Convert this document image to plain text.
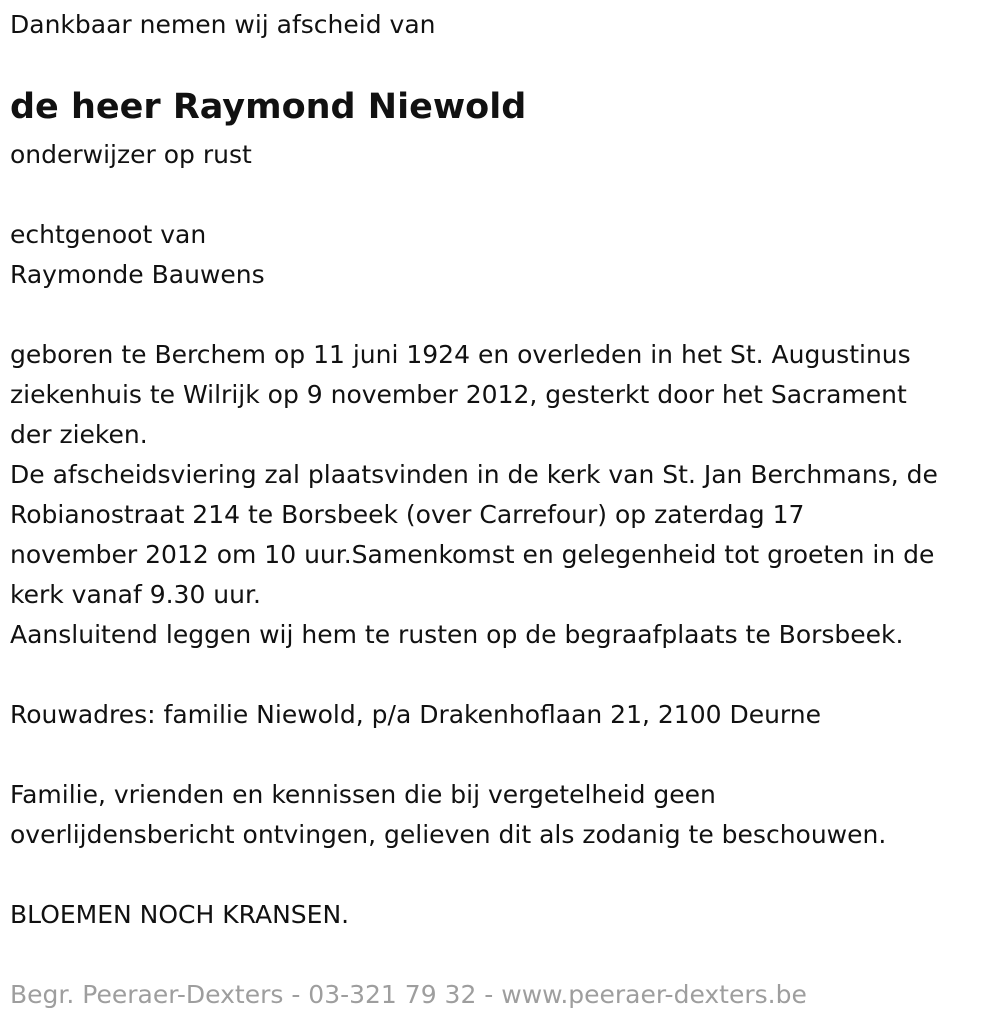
Dankbaar nemen wij afscheid van

de heer Raymond Niewold

onderwijzer op rust

echtgenoot van

Raymonde Bauwens

geboren te Berchem op 11 juni 1924 en overleden in het St. Augustinus

ziekenhuis te Wilrijk op 9 november 2012, gesterkt door het Sacrament

der zieken.

De afscheidsviering zal plaatsvinden in de kerk van St. Jan Berchmans, de

Robianostraat 214 te Borsbeek (over Carrefour) op zaterdag 17

november 2012 om 10 uur.Samenkomst en gelegenheid tot groeten in de

kerk vanaf 9.30 uur.

Aansluitend leggen wij hem te rusten op de begraafplaats te Borsbeek.

Rouwadres: familie Niewold, p/a Drakenhoflaan 21, 2100 Deurne

Familie, vrienden en kennissen die bij vergetelheid geen

overlijdensbericht ontvingen, gelieven dit als zodanig te beschouwen.

BLOEMEN NOCH KRANSEN.

Begr. Peeraer-Dexters - 03-321 79 32 - www.peeraer-dexters.be
